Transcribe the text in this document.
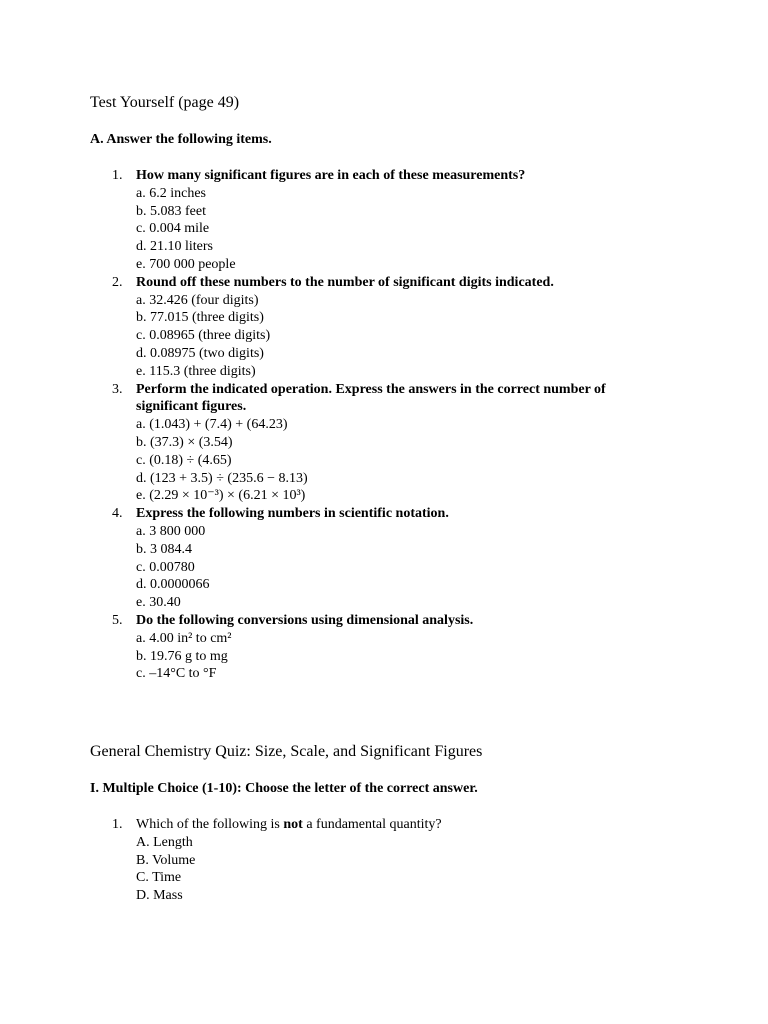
Test Yourself (page 49)
A. Answer the following items.
1. How many significant figures are in each of these measurements?
a. 6.2 inches
b. 5.083 feet
c. 0.004 mile
d. 21.10 liters
e. 700 000 people
2. Round off these numbers to the number of significant digits indicated.
a. 32.426 (four digits)
b. 77.015 (three digits)
c. 0.08965 (three digits)
d. 0.08975 (two digits)
e. 115.3 (three digits)
3. Perform the indicated operation. Express the answers in the correct number of significant figures.
a. (1.043) + (7.4) + (64.23)
b. (37.3) × (3.54)
c. (0.18) ÷ (4.65)
d. (123 + 3.5) ÷ (235.6 − 8.13)
e. (2.29 × 10⁻³) × (6.21 × 10³)
4. Express the following numbers in scientific notation.
a. 3 800 000
b. 3 084.4
c. 0.00780
d. 0.0000066
e. 30.40
5. Do the following conversions using dimensional analysis.
a. 4.00 in² to cm²
b. 19.76 g to mg
c. –14°C to °F
General Chemistry Quiz: Size, Scale, and Significant Figures
I. Multiple Choice (1-10): Choose the letter of the correct answer.
1. Which of the following is not a fundamental quantity?
A. Length
B. Volume
C. Time
D. Mass
